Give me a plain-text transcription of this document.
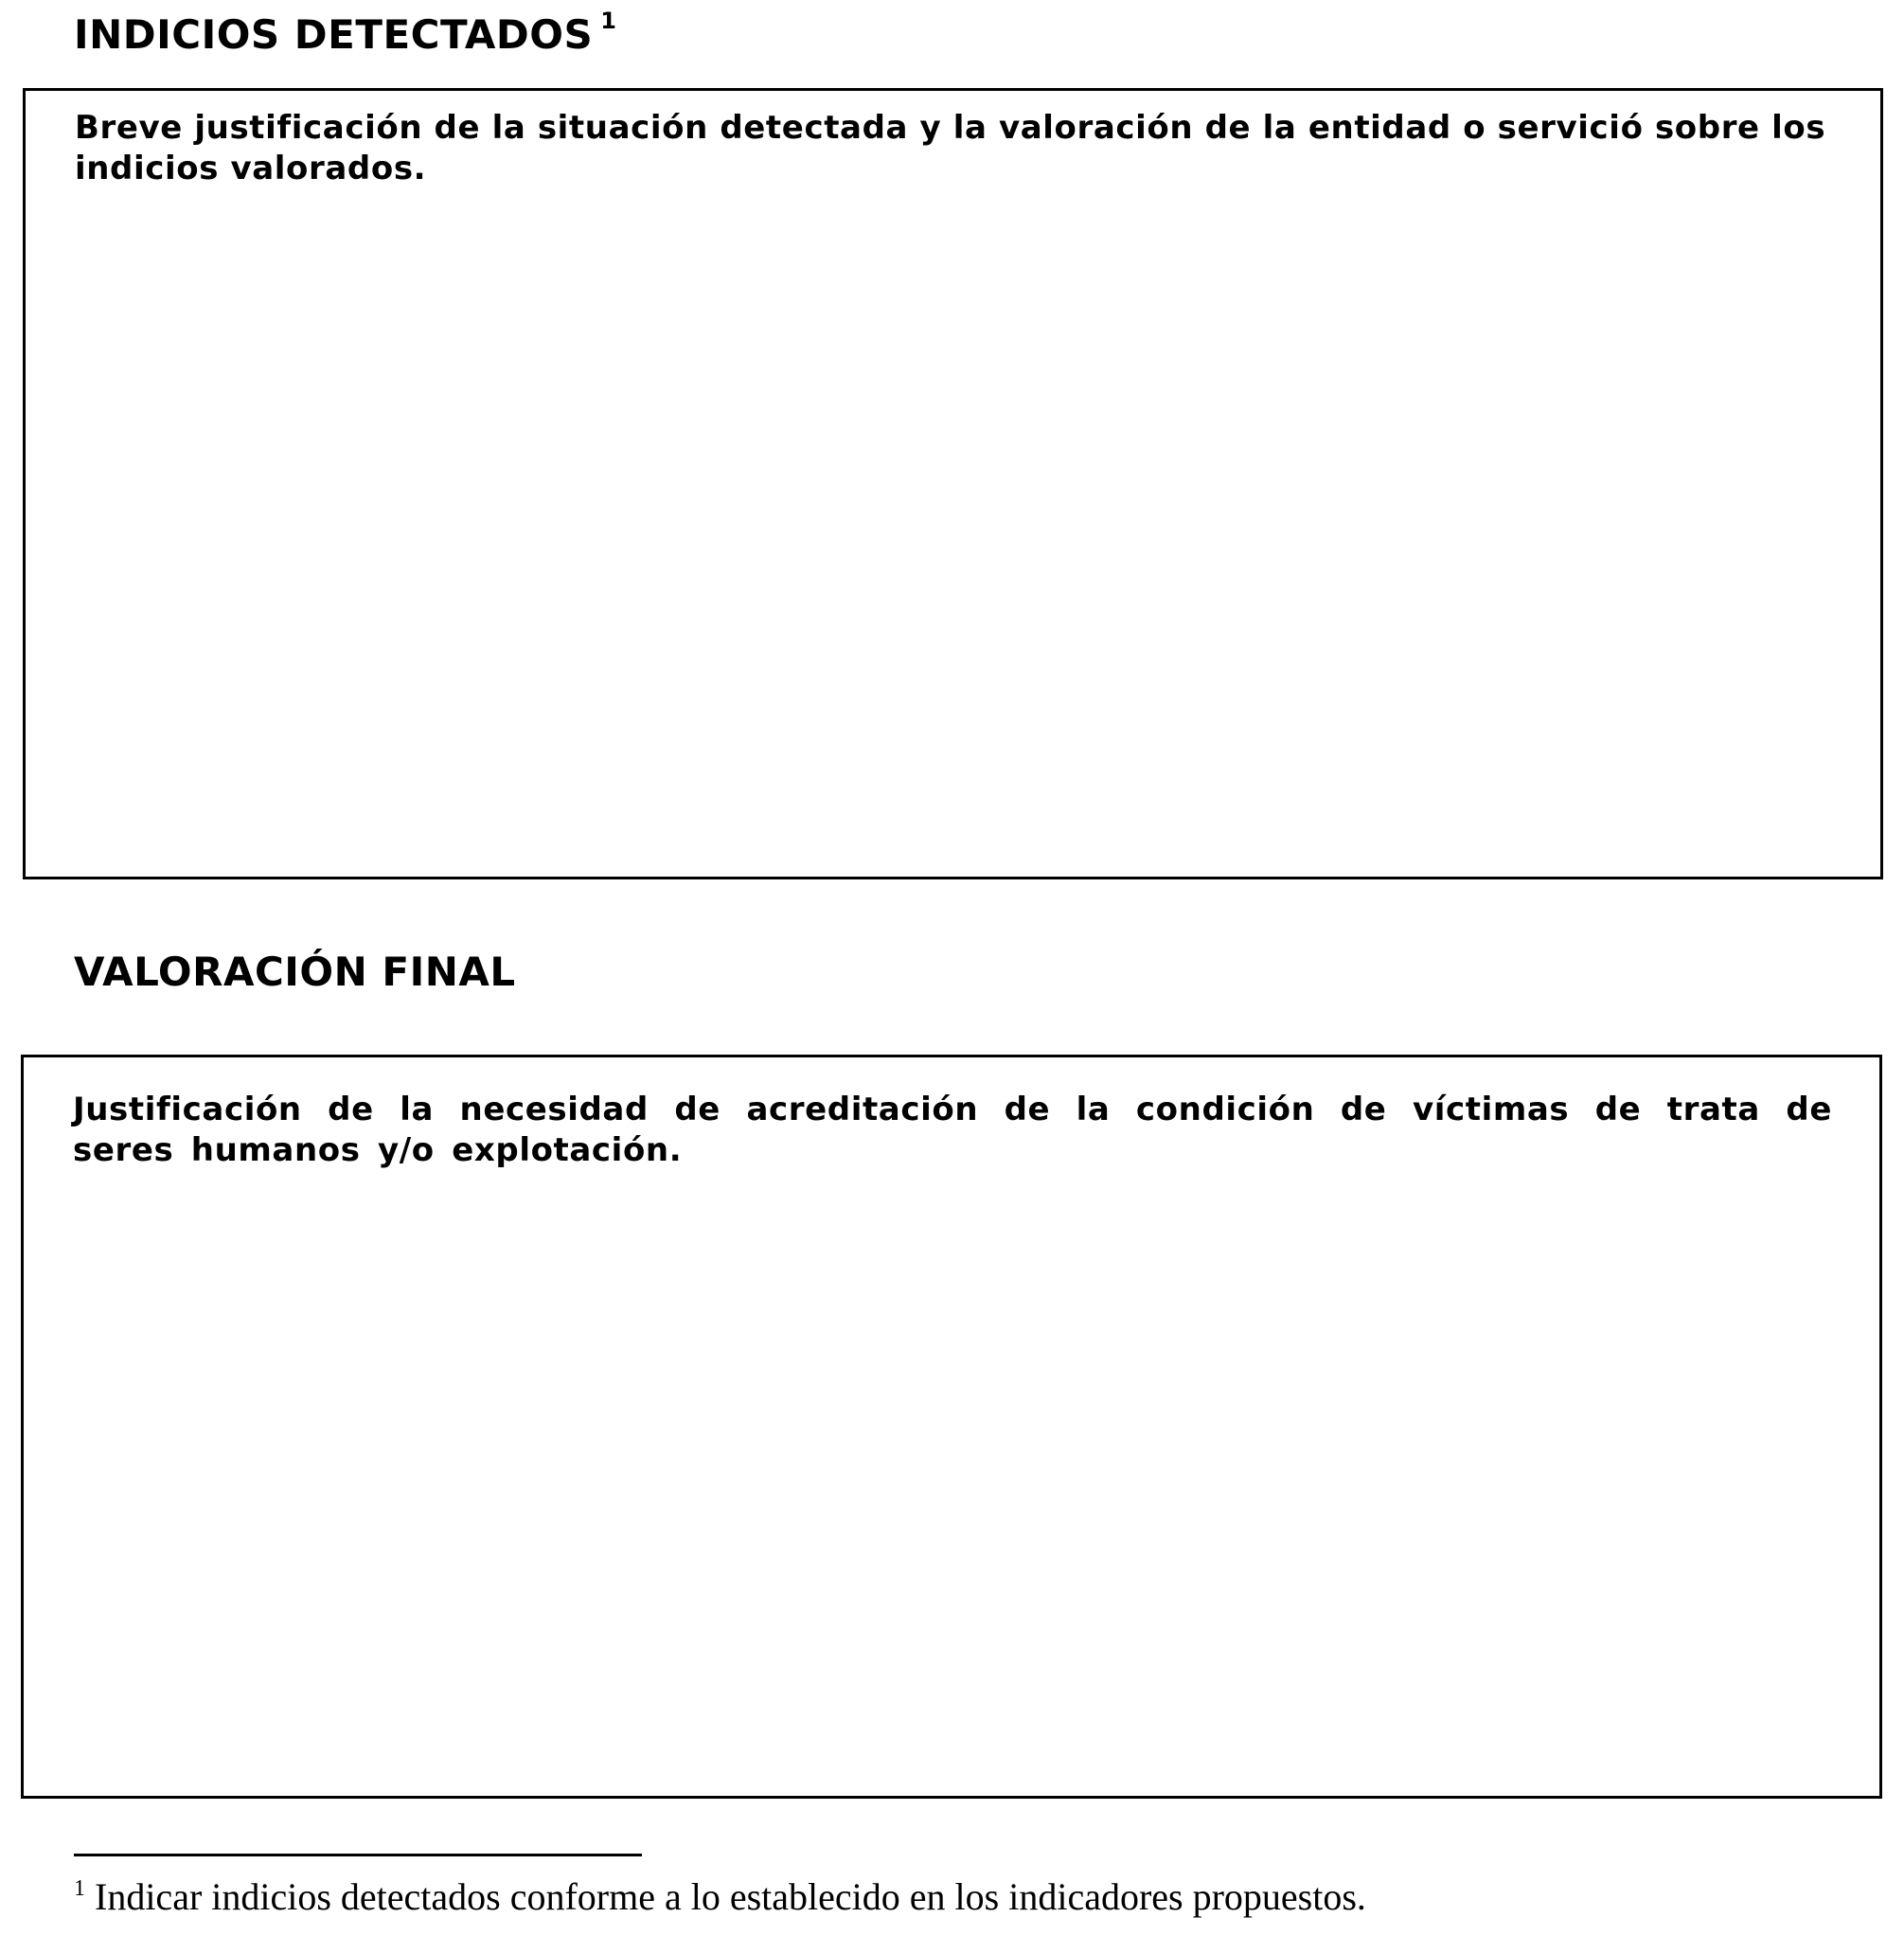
INDICIOS DETECTADOS $^1$

Breve justificación de la situación detectada y la valoración de la entidad o servició sobre los indicios valorados.

VALORACIÓN FINAL

Justificación de la necesidad de acreditación de la condición de víctimas de trata de seres humanos y/o explotación.

$^1$ Indicar indicios detectados conforme a lo establecido en los indicadores propuestos.
